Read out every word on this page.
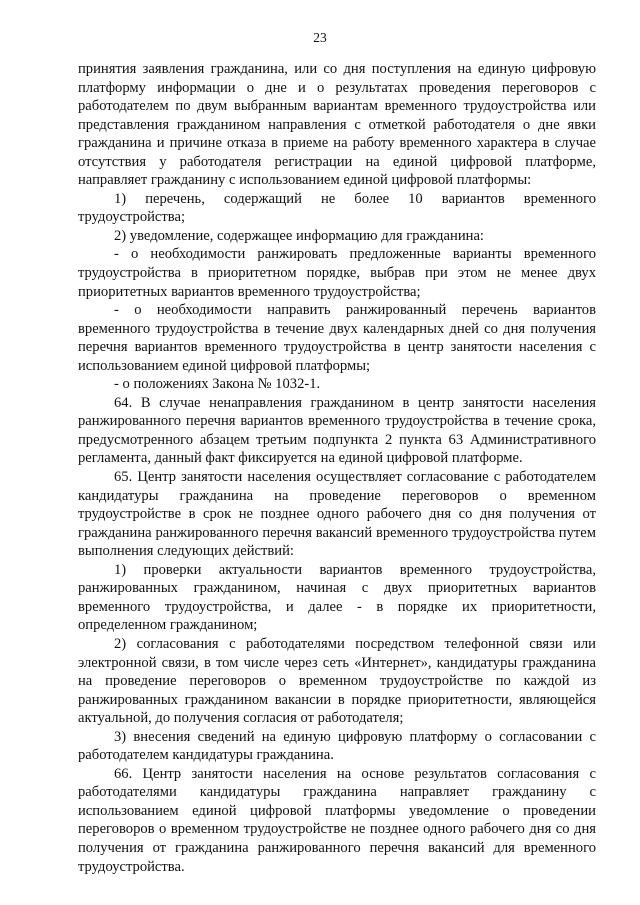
23

принятия заявления гражданина, или со дня поступления на единую цифровую платформу информации о дне и о результатах проведения переговоров с работодателем по двум выбранным вариантам временного трудоустройства или представления гражданином направления с отметкой работодателя о дне явки гражданина и причине отказа в приеме на работу временного характера в случае отсутствия у работодателя регистрации на единой цифровой платформе, направляет гражданину с использованием единой цифровой платформы:

1) перечень, содержащий не более 10 вариантов временного трудоустройства;

2) уведомление, содержащее информацию для гражданина:

- о необходимости ранжировать предложенные варианты временного трудоустройства в приоритетном порядке, выбрав при этом не менее двух приоритетных вариантов временного трудоустройства;

- о необходимости направить ранжированный перечень вариантов временного трудоустройства в течение двух календарных дней со дня получения перечня вариантов временного трудоустройства в центр занятости населения с использованием единой цифровой платформы;

- о положениях Закона № 1032-1.

64. В случае ненаправления гражданином в центр занятости населения ранжированного перечня вариантов временного трудоустройства в течение срока, предусмотренного абзацем третьим подпункта 2 пункта 63 Административного регламента, данный факт фиксируется на единой цифровой платформе.

65. Центр занятости населения осуществляет согласование с работодателем кандидатуры гражданина на проведение переговоров о временном трудоустройстве в срок не позднее одного рабочего дня со дня получения от гражданина ранжированного перечня вакансий временного трудоустройства путем выполнения следующих действий:

1) проверки актуальности вариантов временного трудоустройства, ранжированных гражданином, начиная с двух приоритетных вариантов временного трудоустройства, и далее - в порядке их приоритетности, определенном гражданином;

2) согласования с работодателями посредством телефонной связи или электронной связи, в том числе через сеть «Интернет», кандидатуры гражданина на проведение переговоров о временном трудоустройстве по каждой из ранжированных гражданином вакансии в порядке приоритетности, являющейся актуальной, до получения согласия от работодателя;

3) внесения сведений на единую цифровую платформу о согласовании с работодателем кандидатуры гражданина.

66. Центр занятости населения на основе результатов согласования с работодателями кандидатуры гражданина направляет гражданину с использованием единой цифровой платформы уведомление о проведении переговоров о временном трудоустройстве не позднее одного рабочего дня со дня получения от гражданина ранжированного перечня вакансий для временного трудоустройства.
